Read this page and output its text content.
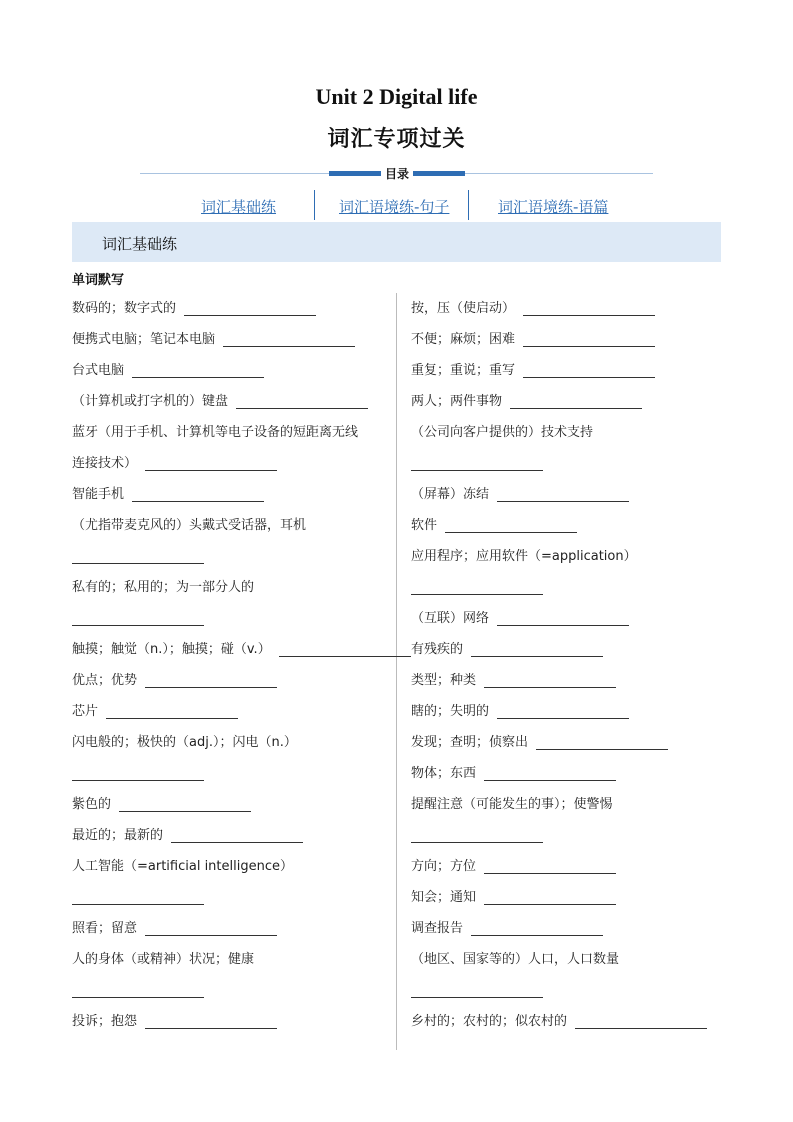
Unit 2 Digital life
词汇专项过关
目录
词汇基础练	词汇语境练-句子	词汇语境练-语篇
词汇基础练
单词默写
数码的；数字式的
便携式电脑；笔记本电脑
台式电脑
（计算机或打字机的）键盘
蓝牙（用于手机、计算机等电子设备的短距离无线
连接技术）
智能手机
（尤指带麦克风的）头戴式受话器，耳机
私有的；私用的；为一部分人的
触摸；触觉（n.）；触摸；碰（v.）
优点；优势
芯片
闪电般的；极快的（adj.）；闪电（n.）
紫色的
最近的；最新的
人工智能（=artificial intelligence）
照看；留意
人的身体（或精神）状况；健康
投诉；抱怨
按，压（使启动）
不便；麻烦；困难
重复；重说；重写
两人；两件事物
（公司向客户提供的）技术支持
（屏幕）冻结
软件
应用程序；应用软件（=application）
（互联）网络
有残疾的
类型；种类
瞎的；失明的
发现；查明；侦察出
物体；东西
提醒注意（可能发生的事）；使警惕
方向；方位
知会；通知
调查报告
（地区、国家等的）人口，人口数量
乡村的；农村的；似农村的
